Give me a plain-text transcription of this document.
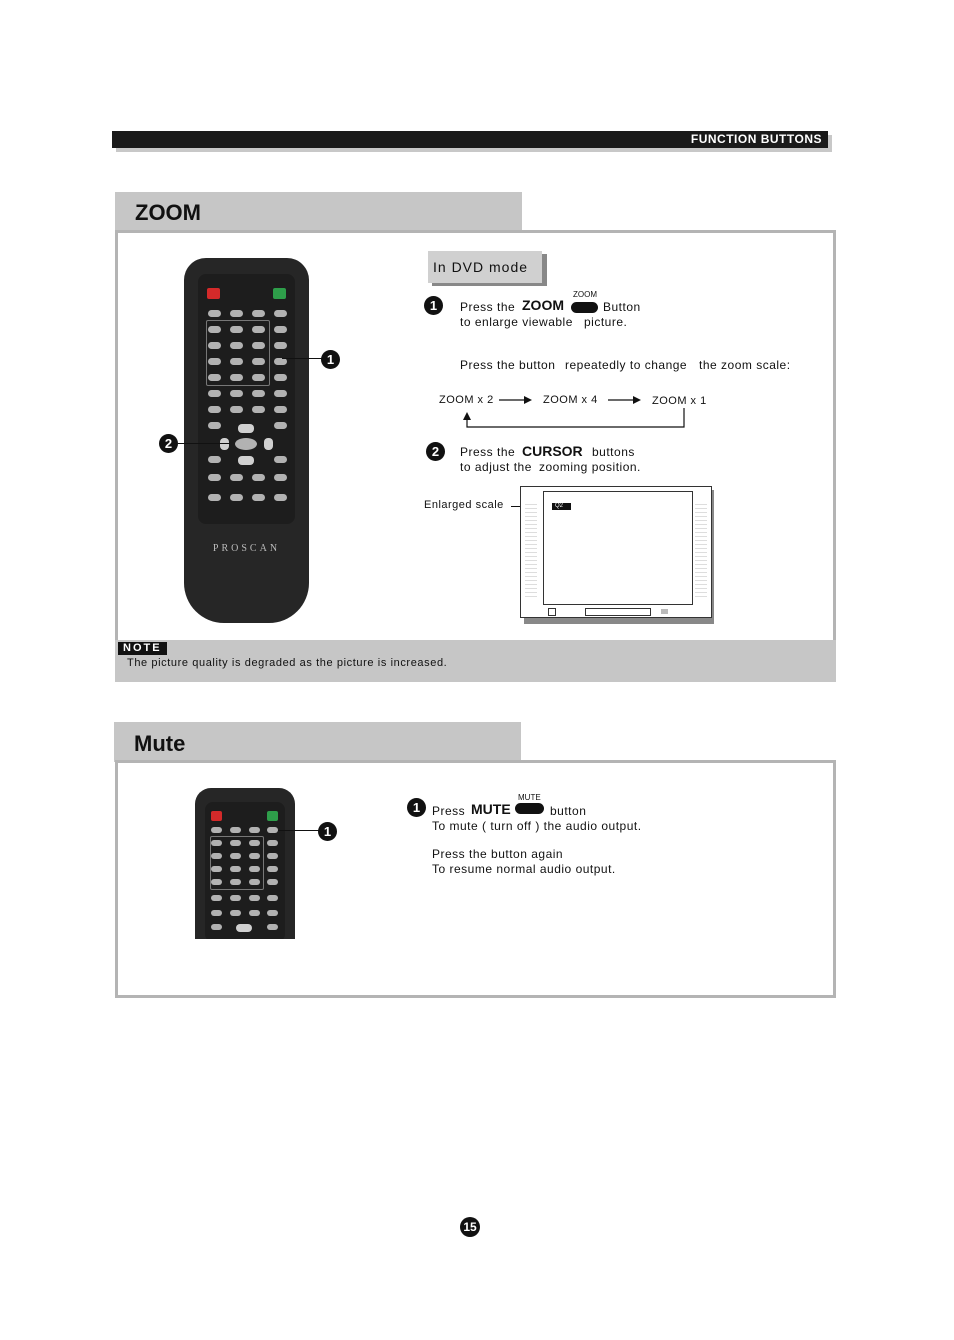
FUNCTION BUTTONS
ZOOM
NOTE
The picture quality is degraded as the picture is increased.
PROSCAN
1
2
In DVD mode
1	Press the ZOOM
ZOOM
Button
to enlarge viewable picture.
Press the button repeatedly to change the zoom scale:
ZOOM x 2	ZOOM x 4	ZOOM x 1
2	Press the CURSOR buttons
to adjust the zooming position.
Enlarged scale	Q2
Mute
1
1 Press MUTE
MUTE
button
To mute ( turn off ) the audio output.
Press the button again
To resume normal audio output.
15
